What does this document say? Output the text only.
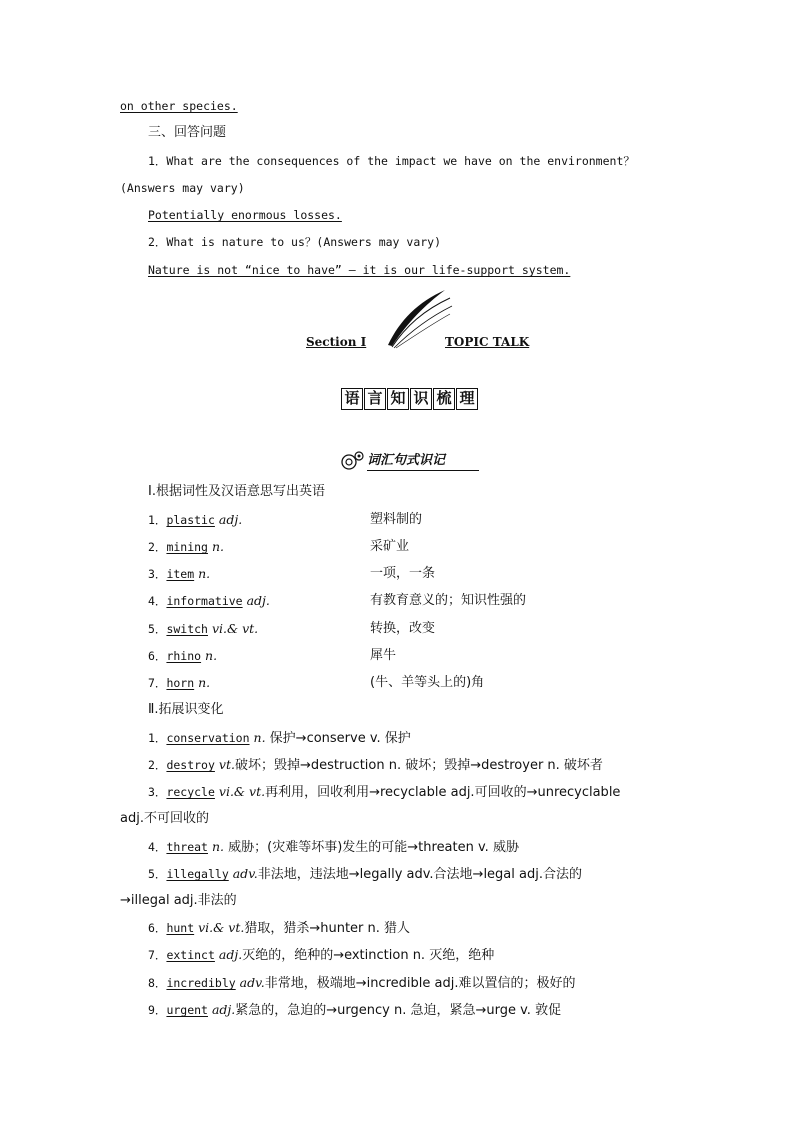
on other species.
三、回答问题
1．What are the consequences of the impact we have on the environment？
(Answers may vary)
Potentially enormous losses.
2．What is nature to us？(Answers may vary)
Nature is not “nice to have” — it is our life-support system.
Section Ⅰ	TOPIC TALK
语 言 知 识 梳 理
词汇句式识记
Ⅰ.根据词性及汉语意思写出英语
1．plastic adj.	塑料制的
2．mining n.	采矿业
3．item n.	一项，一条
4．informative adj.	有教育意义的；知识性强的
5．switch vi.& vt.	转换，改变
6．rhino n.	犀牛
7．horn n.	(牛、羊等头上的)角
Ⅱ.拓展识变化
1．conservation n. 保护→conserve v. 保护
2．destroy vt.破坏；毁掉→destruction n. 破坏；毁掉→destroyer n. 破坏者
3．recycle vi.& vt.再利用，回收利用→recyclable adj.可回收的→unrecyclable
adj.不可回收的
4．threat n. 威胁；(灾难等坏事)发生的可能→threaten v. 威胁
5．illegally adv.非法地，违法地→legally adv.合法地→legal adj.合法的
→illegal adj.非法的
6．hunt vi.& vt.猎取，猎杀→hunter n. 猎人
7．extinct adj.灭绝的，绝种的→extinction n. 灭绝，绝种
8．incredibly adv.非常地，极端地→incredible adj.难以置信的；极好的
9．urgent adj.紧急的，急迫的→urgency n. 急迫，紧急→urge v. 敦促
